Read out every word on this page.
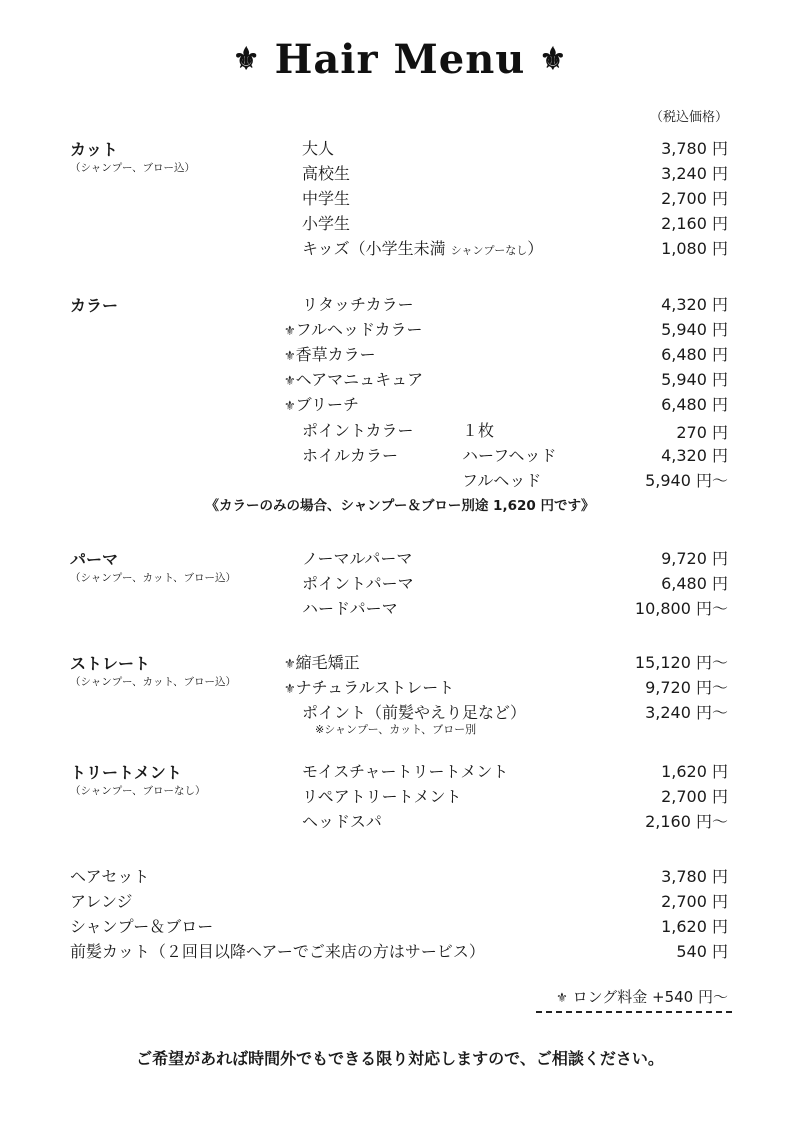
⚜ Hair Menu ⚜
（税込価格）
カット
（シャンプー、ブロー込）
大人	3,780 円
高校生	3,240 円
中学生	2,700 円
小学生	2,160 円
キッズ（小学生未満 シャンプーなし）	1,080 円
カラー	リタッチカラー	4,320 円
⚜フルヘッドカラー	5,940 円
⚜香草カラー	6,480 円
⚜ヘアマニュキュア	5,940 円
⚜ブリーチ	6,480 円
ポイントカラー	１枚	270 円
ホイルカラー	ハーフヘッド	4,320 円
フルヘッド	5,940 円～
《カラーのみの場合、シャンプー＆ブロー別途 1,620 円です》
パーマ
（シャンプー、カット、ブロー込）
ノーマルパーマ	9,720 円
ポイントパーマ	6,480 円
ハードパーマ	10,800 円～
ストレート
（シャンプー、カット、ブロー込）
⚜縮毛矯正	15,120 円～
⚜ナチュラルストレート	9,720 円～
ポイント（前髪やえり足など）	3,240 円～
※シャンプー、カット、ブロー別
トリートメント
（シャンプー、ブローなし）
モイスチャートリートメント	1,620 円
リペアトリートメント	2,700 円
ヘッドスパ	2,160 円～
ヘアセット	3,780 円
アレンジ	2,700 円
シャンプー＆ブロー	1,620 円
前髪カット（２回目以降ヘアーでご来店の方はサービス）	540 円
⚜ ロング料金 +540 円～
ご希望があれば時間外でもできる限り対応しますので、ご相談ください。
